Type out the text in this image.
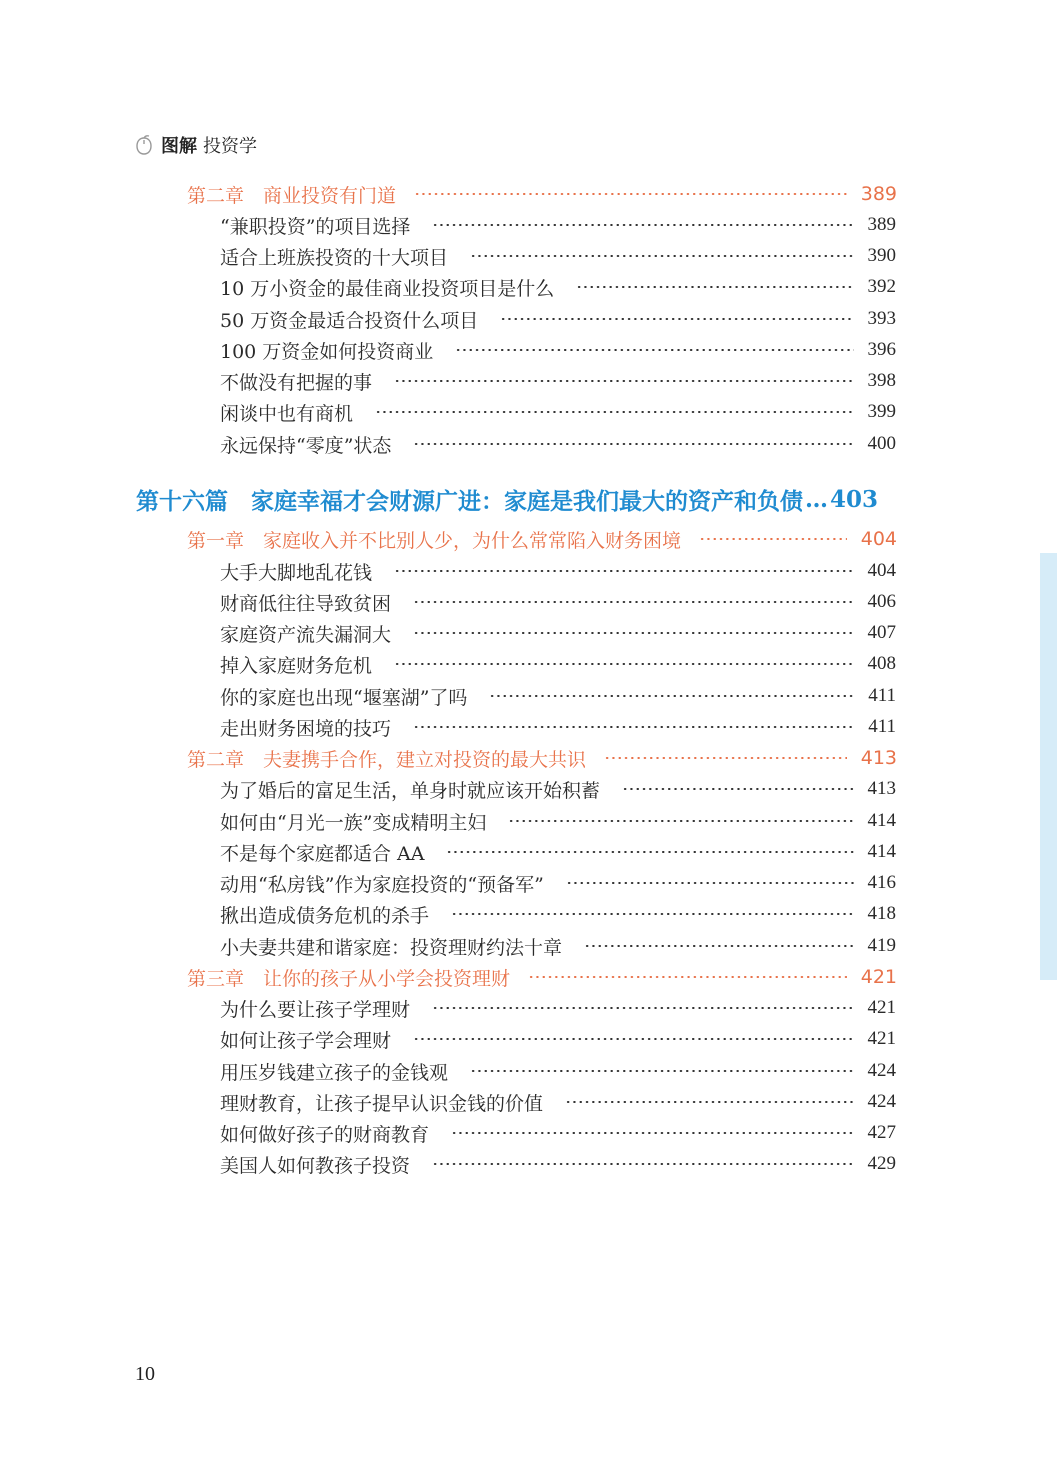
图解 投资学
第二章　商业投资有门道	389
“兼职投资”的项目选择	389
适合上班族投资的十大项目	390
10 万小资金的最佳商业投资项目是什么	392
50 万资金最适合投资什么项目	393
100 万资金如何投资商业	396
不做没有把握的事	398
闲谈中也有商机	399
永远保持“零度”状态	400
第十六篇　家庭幸福才会财源广进：家庭是我们最大的资产和负债 … 403
第一章　家庭收入并不比别人少，为什么常常陷入财务困境	404
大手大脚地乱花钱	404
财商低往往导致贫困	406
家庭资产流失漏洞大	407
掉入家庭财务危机	408
你的家庭也出现“堰塞湖”了吗	411
走出财务困境的技巧	411
第二章　夫妻携手合作，建立对投资的最大共识	413
为了婚后的富足生活，单身时就应该开始积蓄	413
如何由“月光一族”变成精明主妇	414
不是每个家庭都适合 AA	414
动用“私房钱”作为家庭投资的“预备军”	416
揪出造成债务危机的杀手	418
小夫妻共建和谐家庭：投资理财约法十章	419
第三章　让你的孩子从小学会投资理财	421
为什么要让孩子学理财	421
如何让孩子学会理财	421
用压岁钱建立孩子的金钱观	424
理财教育，让孩子提早认识金钱的价值	424
如何做好孩子的财商教育	427
美国人如何教孩子投资	429
10
